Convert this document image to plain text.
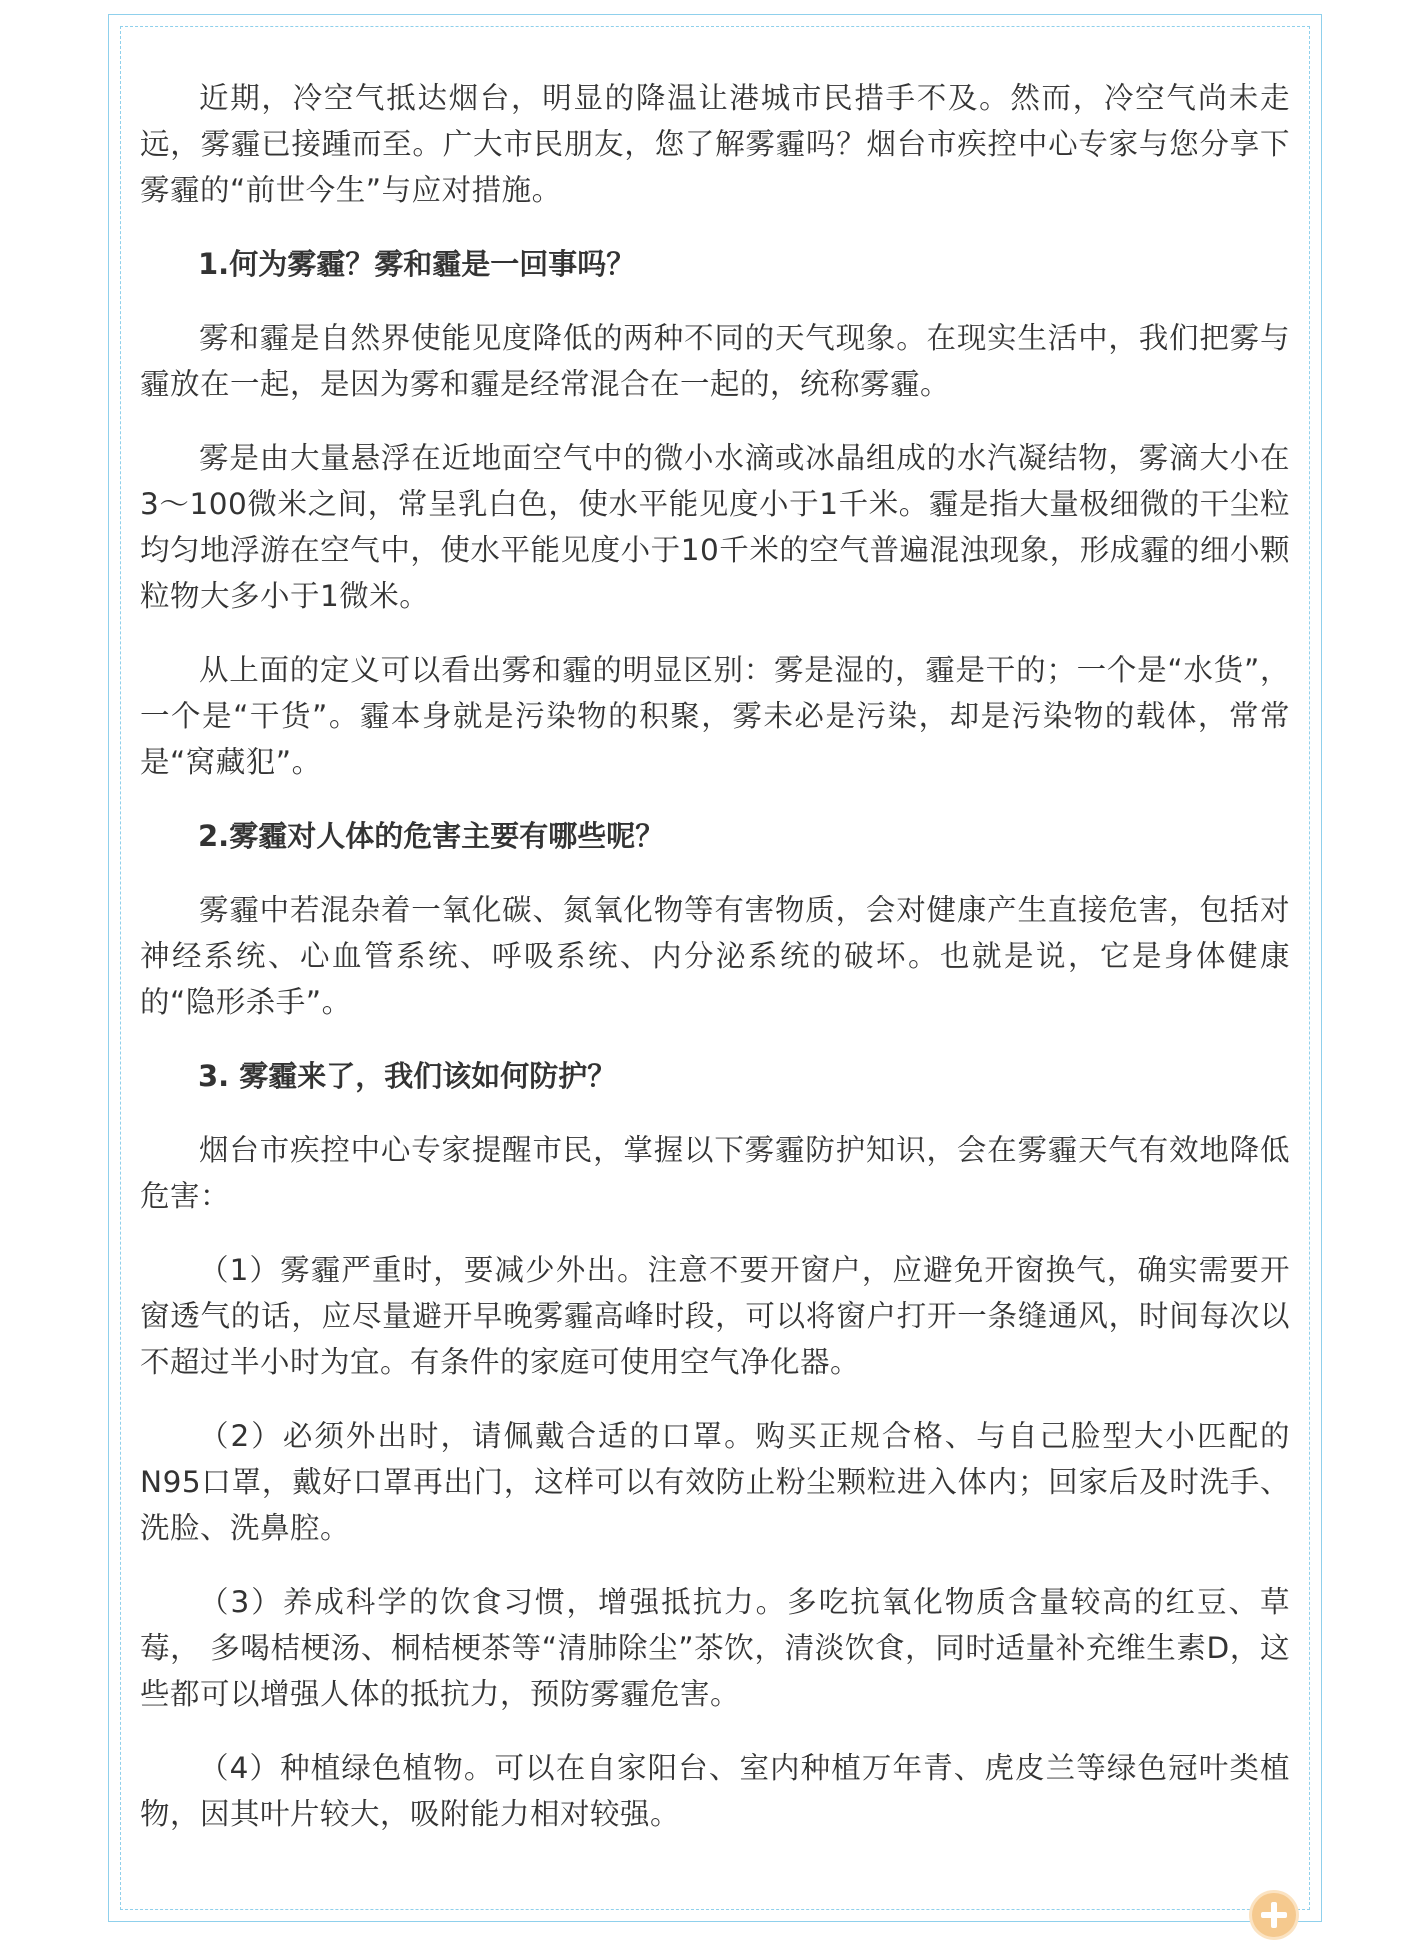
近期，冷空气抵达烟台，明显的降温让港城市民措手不及。然而，冷空气尚未走远，雾霾已接踵而至。广大市民朋友，您了解雾霾吗？烟台市疾控中心专家与您分享下雾霾的“前世今生”与应对措施。

1.何为雾霾？雾和霾是一回事吗？

雾和霾是自然界使能见度降低的两种不同的天气现象。在现实生活中，我们把雾与霾放在一起，是因为雾和霾是经常混合在一起的，统称雾霾。

雾是由大量悬浮在近地面空气中的微小水滴或冰晶组成的水汽凝结物，雾滴大小在3～100微米之间，常呈乳白色，使水平能见度小于1千米。霾是指大量极细微的干尘粒均匀地浮游在空气中，使水平能见度小于10千米的空气普遍混浊现象，形成霾的细小颗粒物大多小于1微米。

从上面的定义可以看出雾和霾的明显区别：雾是湿的，霾是干的；一个是“水货”，一个是“干货”。霾本身就是污染物的积聚，雾未必是污染，却是污染物的载体，常常是“窝藏犯”。

2.雾霾对人体的危害主要有哪些呢？

雾霾中若混杂着一氧化碳、氮氧化物等有害物质，会对健康产生直接危害，包括对神经系统、心血管系统、呼吸系统、内分泌系统的破坏。也就是说，它是身体健康的“隐形杀手”。

3. 雾霾来了，我们该如何防护？

烟台市疾控中心专家提醒市民，掌握以下雾霾防护知识，会在雾霾天气有效地降低危害：

（1）雾霾严重时，要减少外出。注意不要开窗户，应避免开窗换气，确实需要开窗透气的话，应尽量避开早晚雾霾高峰时段，可以将窗户打开一条缝通风，时间每次以不超过半小时为宜。有条件的家庭可使用空气净化器。

（2）必须外出时，请佩戴合适的口罩。购买正规合格、与自己脸型大小匹配的N95口罩，戴好口罩再出门，这样可以有效防止粉尘颗粒进入体内；回家后及时洗手、洗脸、洗鼻腔。

（3）养成科学的饮食习惯，增强抵抗力。多吃抗氧化物质含量较高的红豆、草莓， 多喝桔梗汤、桐桔梗茶等“清肺除尘”茶饮，清淡饮食，同时适量补充维生素D，这些都可以增强人体的抵抗力，预防雾霾危害。

（4）种植绿色植物。可以在自家阳台、室内种植万年青、虎皮兰等绿色冠叶类植物，因其叶片较大，吸附能力相对较强。
